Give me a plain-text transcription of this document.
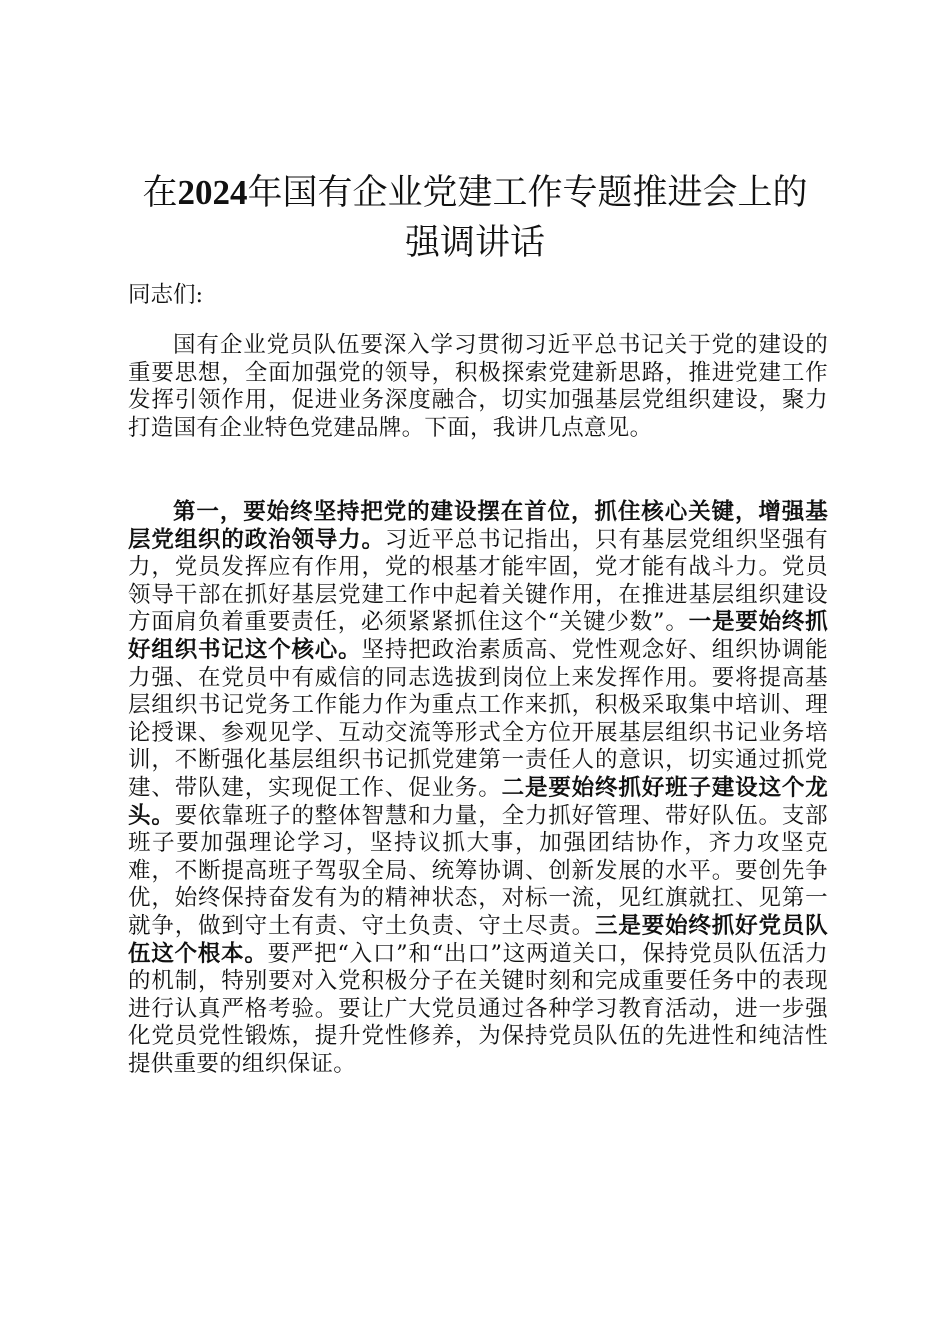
在2024年国有企业党建工作专题推进会上的
强调讲话

同志们:

国有企业党员队伍要深入学习贯彻习近平总书记关于党的建设的重要思想，全面加强党的领导，积极探索党建新思路，推进党建工作发挥引领作用，促进业务深度融合，切实加强基层党组织建设，聚力打造国有企业特色党建品牌。下面，我讲几点意见。

第一，要始终坚持把党的建设摆在首位，抓住核心关键，增强基层党组织的政治领导力。习近平总书记指出，只有基层党组织坚强有力，党员发挥应有作用，党的根基才能牢固，党才能有战斗力。党员领导干部在抓好基层党建工作中起着关键作用，在推进基层组织建设方面肩负着重要责任，必须紧紧抓住这个“关键少数”。一是要始终抓好组织书记这个核心。坚持把政治素质高、党性观念好、组织协调能力强、在党员中有威信的同志选拔到岗位上来发挥作用。要将提高基层组织书记党务工作能力作为重点工作来抓，积极采取集中培训、理论授课、参观见学、互动交流等形式全方位开展基层组织书记业务培训，不断强化基层组织书记抓党建第一责任人的意识，切实通过抓党建、带队建，实现促工作、促业务。二是要始终抓好班子建设这个龙头。要依靠班子的整体智慧和力量，全力抓好管理、带好队伍。支部班子要加强理论学习，坚持议抓大事，加强团结协作，齐力攻坚克难，不断提高班子驾驭全局、统筹协调、创新发展的水平。要创先争优，始终保持奋发有为的精神状态，对标一流，见红旗就扛、见第一就争，做到守土有责、守土负责、守土尽责。三是要始终抓好党员队伍这个根本。要严把“入口”和“出口”这两道关口，保持党员队伍活力的机制，特别要对入党积极分子在关键时刻和完成重要任务中的表现进行认真严格考验。要让广大党员通过各种学习教育活动，进一步强化党员党性锻炼，提升党性修养，为保持党员队伍的先进性和纯洁性提供重要的组织保证。
